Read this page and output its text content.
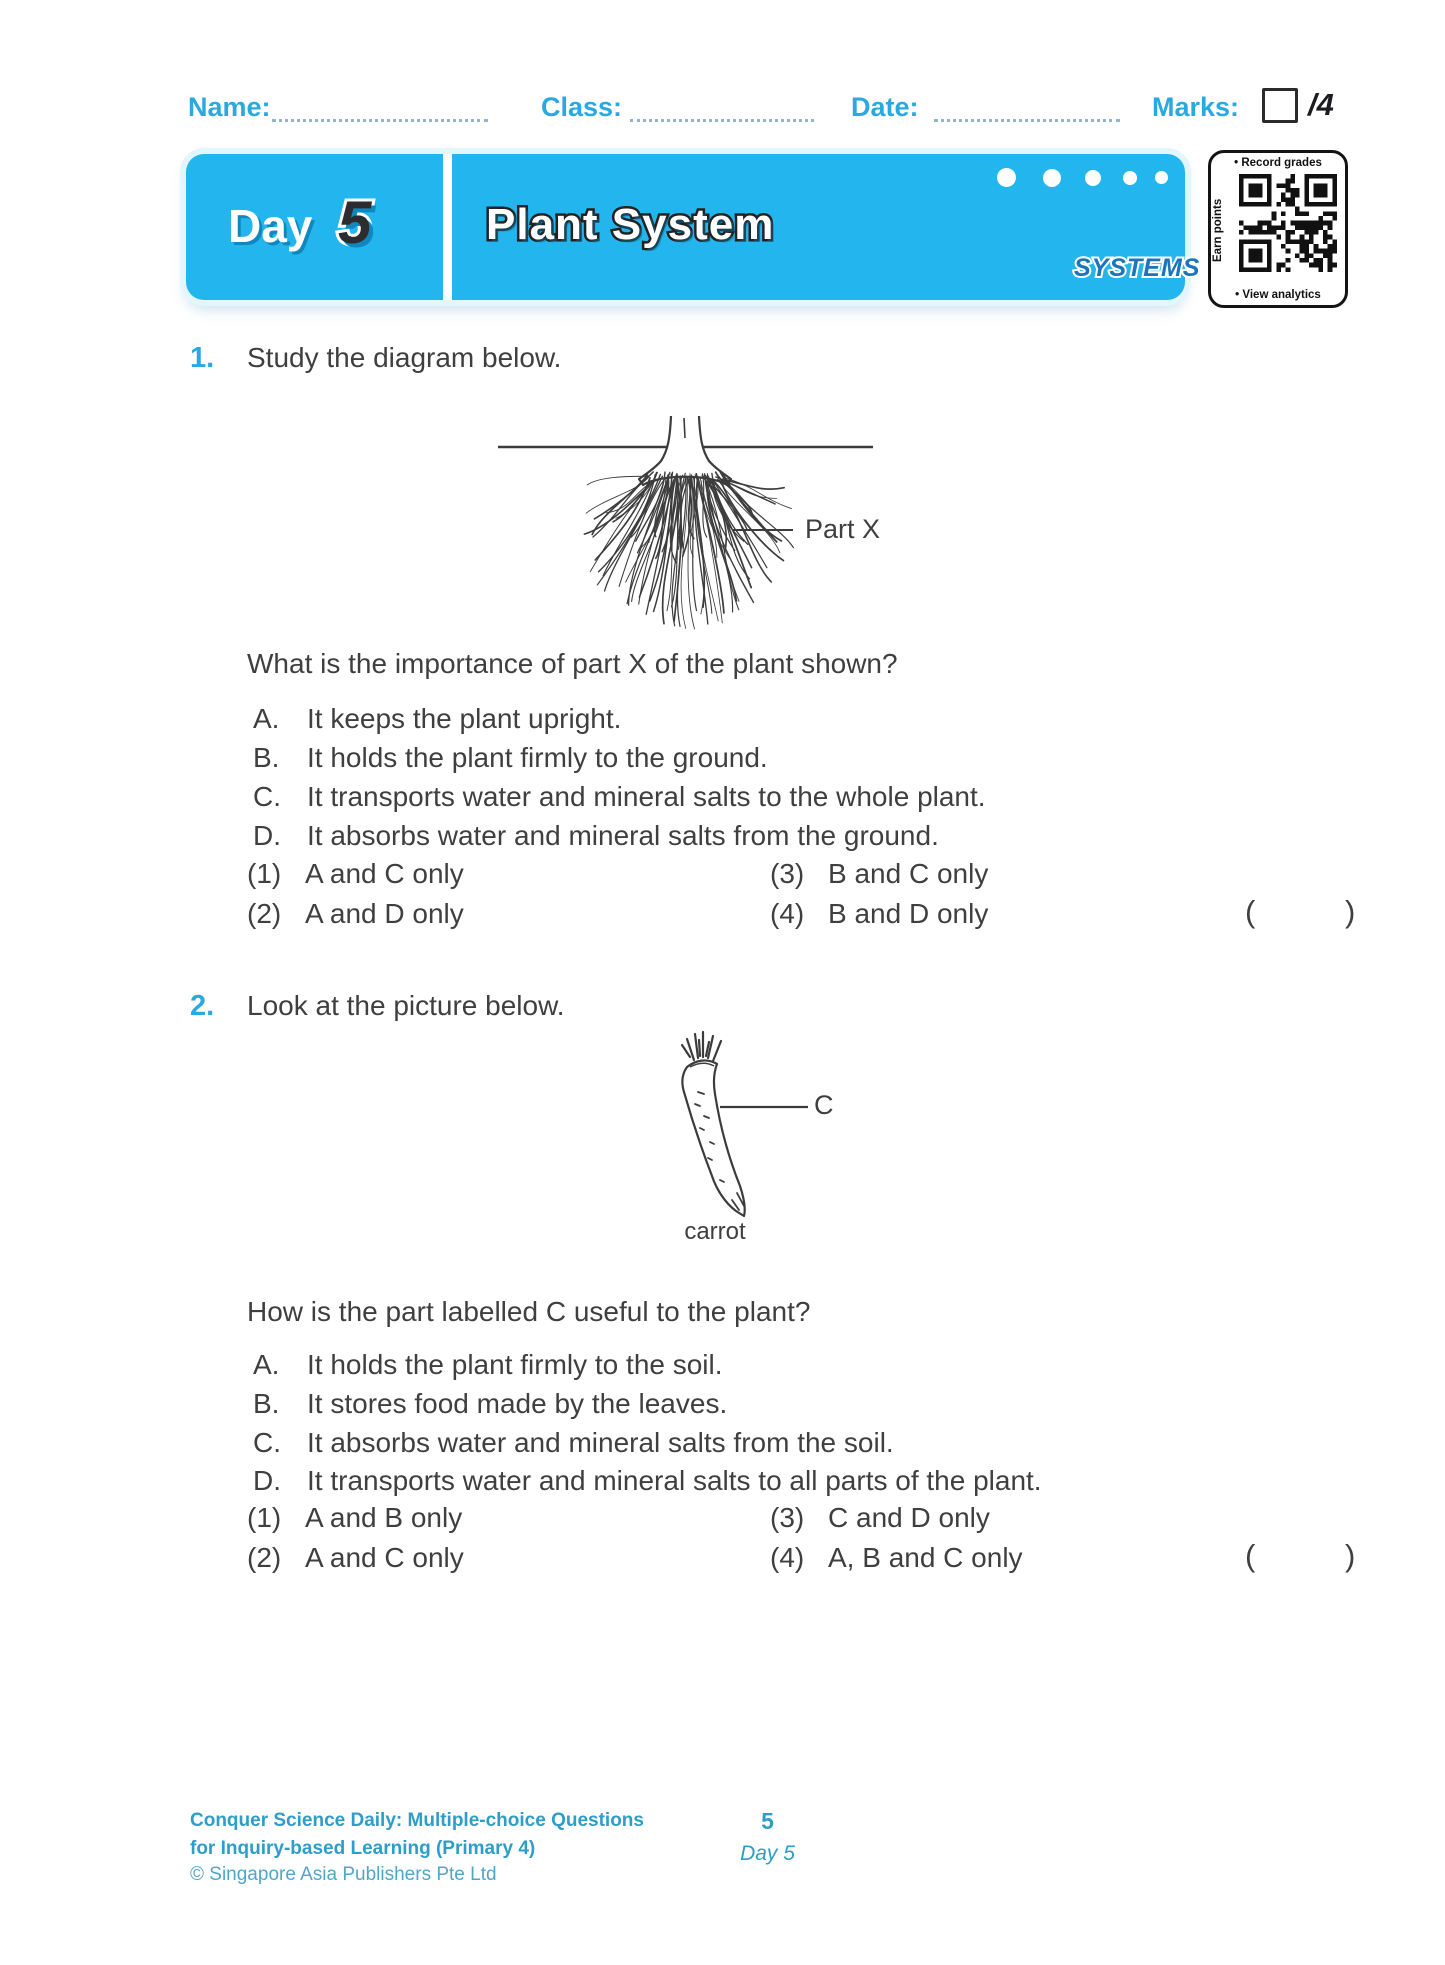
Name:	Class:	Date:	Marks: /4
Day 5	Plant System
SYSTEMS
• Record grades
Earn points
• View analytics
1. Study the diagram below.
Part X
What is the importance of part X of the plant shown?
A. It keeps the plant upright.
B. It holds the plant firmly to the ground.
C. It transports water and mineral salts to the whole plant.
D. It absorbs water and mineral salts from the ground.
(1) A and C only
(2) A and D only
(3) B and C only
(4) B and D only	(	)
2. Look at the picture below.
C
carrot
How is the part labelled C useful to the plant?
A. It holds the plant firmly to the soil.
B. It stores food made by the leaves.
C. It absorbs water and mineral salts from the soil.
D. It transports water and mineral salts to all parts of the plant.
(1) A and B only
(2) A and C only
(3) C and D only
(4) A, B and C only	(	)
Conquer Science Daily: Multiple-choice Questions
for Inquiry-based Learning (Primary 4)
© Singapore Asia Publishers Pte Ltd
5
Day 5
